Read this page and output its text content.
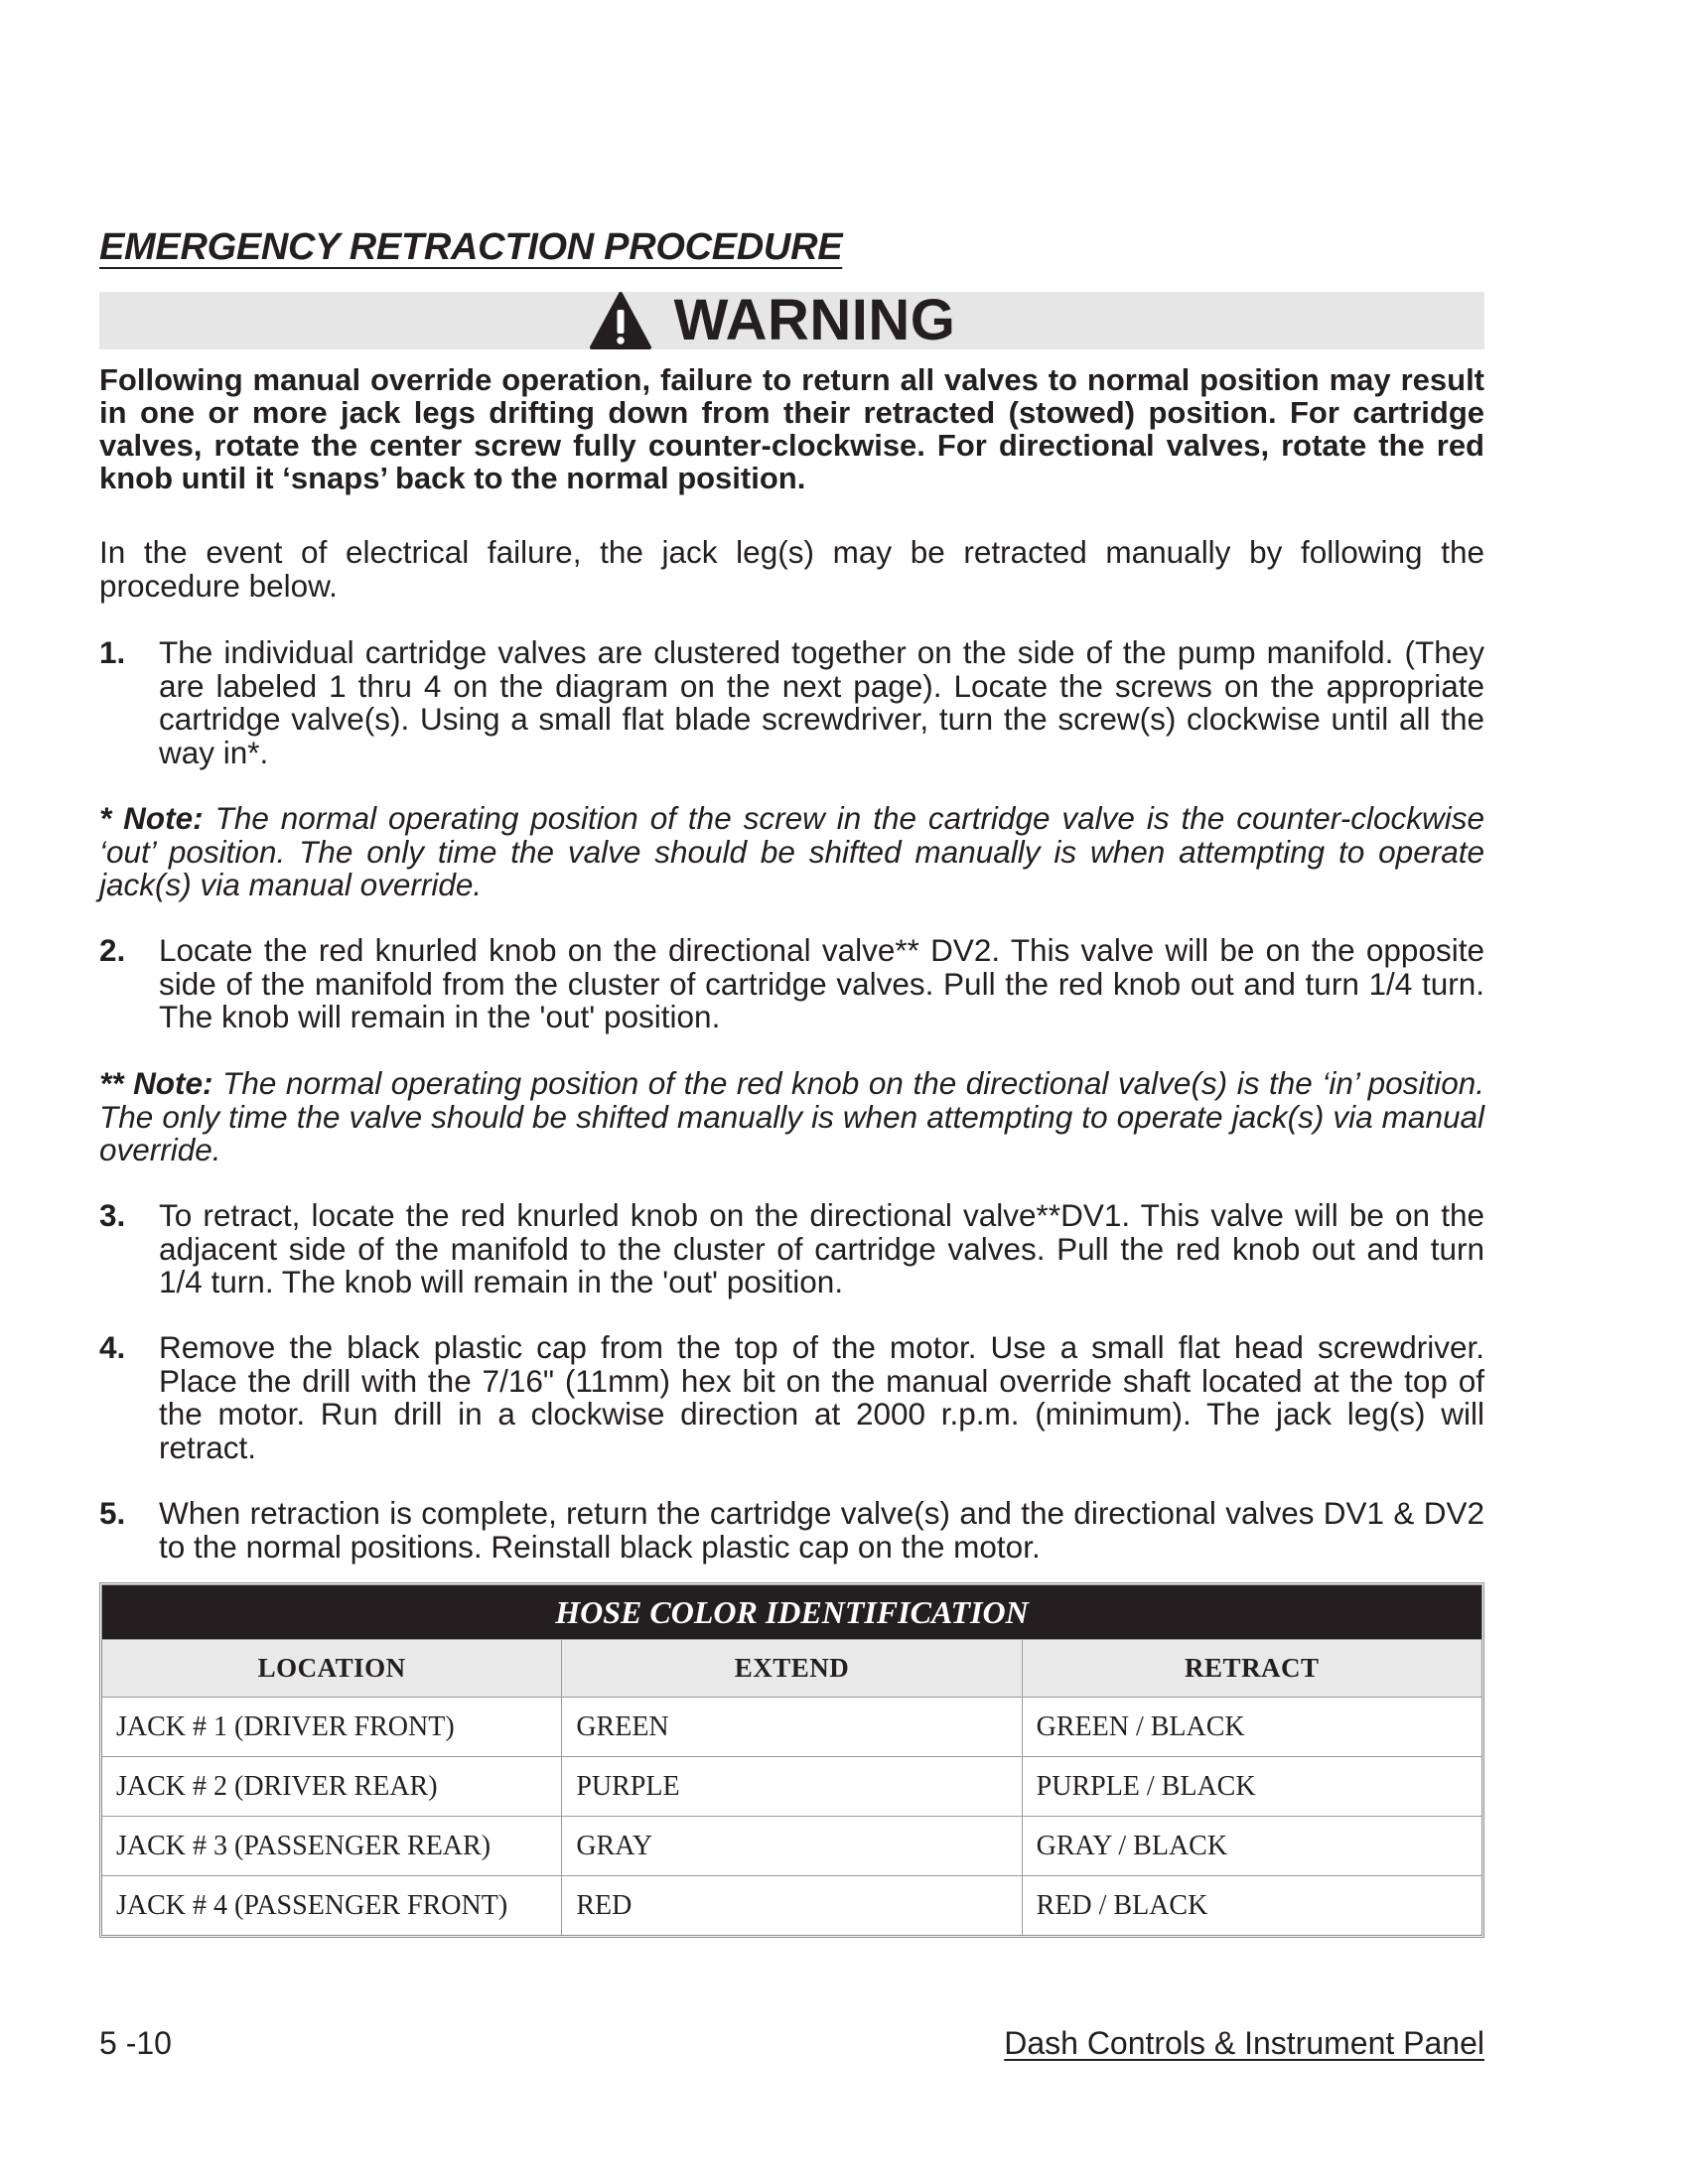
EMERGENCY RETRACTION PROCEDURE
WARNING

Following manual override operation, failure to return all valves to normal position may result in one or more jack legs drifting down from their retracted (stowed) position. For cartridge valves, rotate the center screw fully counter-clockwise. For directional valves, rotate the red knob until it ‘snaps’ back to the normal position.

In the event of electrical failure, the jack leg(s) may be retracted manually by following the procedure below.

1. The individual cartridge valves are clustered together on the side of the pump manifold. (They are labeled 1 thru 4 on the diagram on the next page). Locate the screws on the appropriate cartridge valve(s). Using a small flat blade screwdriver, turn the screw(s) clockwise until all the way in*.

* Note: The normal operating position of the screw in the cartridge valve is the counter-clockwise ‘out’ position. The only time the valve should be shifted manually is when attempting to operate jack(s) via manual override.

2. Locate the red knurled knob on the directional valve** DV2. This valve will be on the opposite side of the manifold from the cluster of cartridge valves. Pull the red knob out and turn 1/4 turn. The knob will remain in the 'out' position.

** Note: The normal operating position of the red knob on the directional valve(s) is the ‘in’ position. The only time the valve should be shifted manually is when attempting to operate jack(s) via manual override.

3. To retract, locate the red knurled knob on the directional valve**DV1. This valve will be on the adjacent side of the manifold to the cluster of cartridge valves. Pull the red knob out and turn 1/4 turn. The knob will remain in the 'out' position.
4. Remove the black plastic cap from the top of the motor. Use a small flat head screwdriver. Place the drill with the 7/16" (11mm) hex bit on the manual override shaft located at the top of the motor. Run drill in a clockwise direction at 2000 r.p.m. (minimum). The jack leg(s) will retract.
5. When retraction is complete, return the cartridge valve(s) and the directional valves DV1 & DV2 to the normal positions. Reinstall black plastic cap on the motor.
HOSE COLOR IDENTIFICATION
LOCATION	EXTEND	RETRACT
JACK # 1 (DRIVER FRONT)	GREEN	GREEN / BLACK
JACK # 2 (DRIVER REAR)	PURPLE	PURPLE / BLACK
JACK # 3 (PASSENGER REAR)	GRAY	GRAY / BLACK
JACK # 4 (PASSENGER FRONT)	RED	RED / BLACK
5 -10	Dash Controls & Instrument Panel
